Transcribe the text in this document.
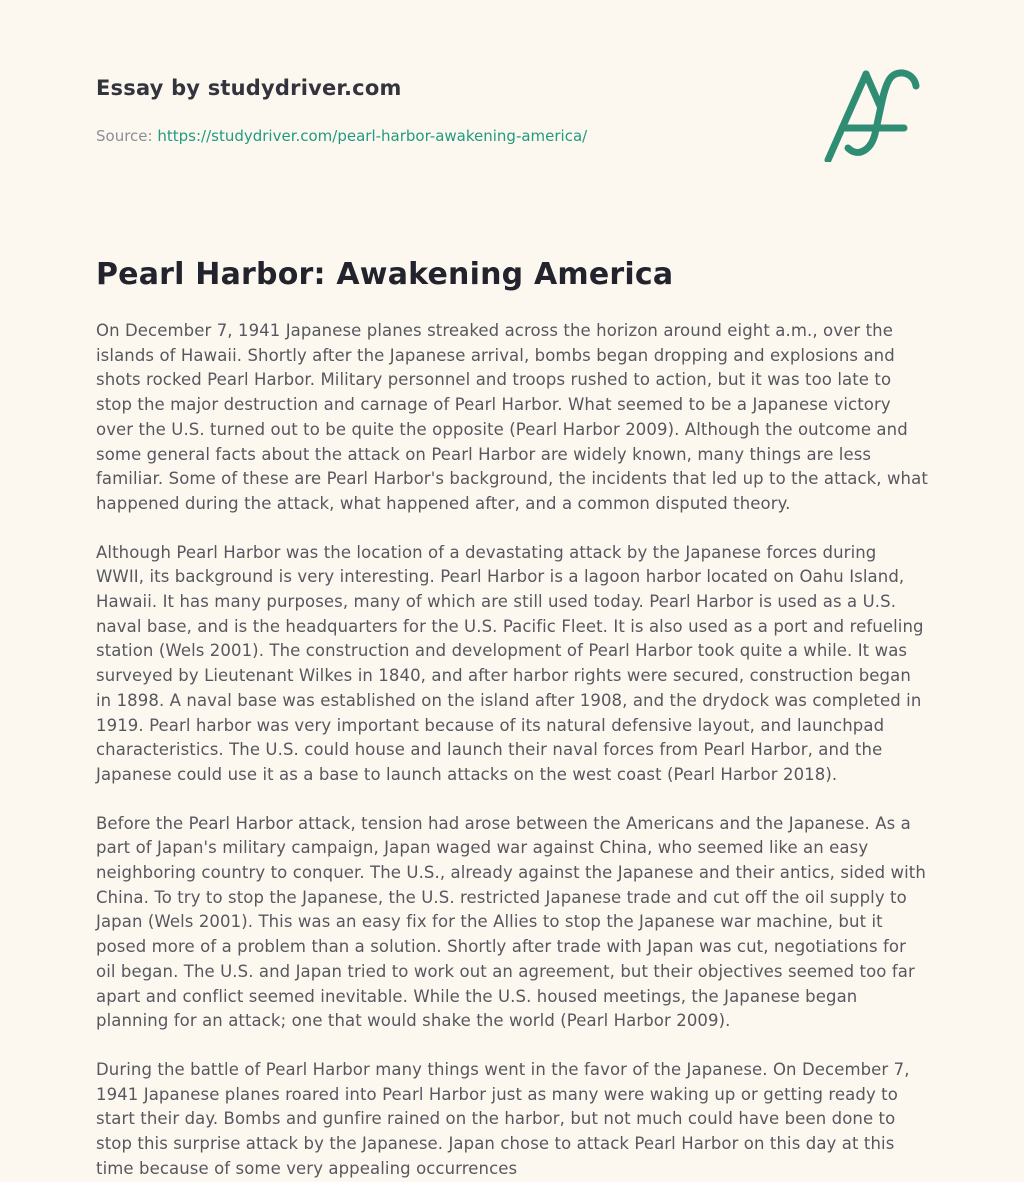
Essay by studydriver.com
Source: https://studydriver.com/pearl-harbor-awakening-america/
Pearl Harbor: Awakening America

On December 7, 1941 Japanese planes streaked across the horizon around eight a.m., over the islands of Hawaii. Shortly after the Japanese arrival, bombs began dropping and explosions and shots rocked Pearl Harbor. Military personnel and troops rushed to action, but it was too late to stop the major destruction and carnage of Pearl Harbor. What seemed to be a Japanese victory over the U.S. turned out to be quite the opposite (Pearl Harbor 2009). Although the outcome and some general facts about the attack on Pearl Harbor are widely known, many things are less familiar. Some of these are Pearl Harbor's background, the incidents that led up to the attack, what happened during the attack, what happened after, and a common disputed theory.

Although Pearl Harbor was the location of a devastating attack by the Japanese forces during WWII, its background is very interesting. Pearl Harbor is a lagoon harbor located on Oahu Island, Hawaii. It has many purposes, many of which are still used today. Pearl Harbor is used as a U.S. naval base, and is the headquarters for the U.S. Pacific Fleet. It is also used as a port and refueling station (Wels 2001). The construction and development of Pearl Harbor took quite a while. It was surveyed by Lieutenant Wilkes in 1840, and after harbor rights were secured, construction began in 1898. A naval base was established on the island after 1908, and the drydock was completed in 1919. Pearl harbor was very important because of its natural defensive layout, and launchpad characteristics. The U.S. could house and launch their naval forces from Pearl Harbor, and the Japanese could use it as a base to launch attacks on the west coast (Pearl Harbor 2018).

Before the Pearl Harbor attack, tension had arose between the Americans and the Japanese. As a part of Japan's military campaign, Japan waged war against China, who seemed like an easy neighboring country to conquer. The U.S., already against the Japanese and their antics, sided with China. To try to stop the Japanese, the U.S. restricted Japanese trade and cut off the oil supply to Japan (Wels 2001). This was an easy fix for the Allies to stop the Japanese war machine, but it posed more of a problem than a solution. Shortly after trade with Japan was cut, negotiations for oil began. The U.S. and Japan tried to work out an agreement, but their objectives seemed too far apart and conflict seemed inevitable. While the U.S. housed meetings, the Japanese began planning for an attack; one that would shake the world (Pearl Harbor 2009).

During the battle of Pearl Harbor many things went in the favor of the Japanese. On December 7, 1941 Japanese planes roared into Pearl Harbor just as many were waking up or getting ready to start their day. Bombs and gunfire rained on the harbor, but not much could have been done to stop this surprise attack by the Japanese. Japan chose to attack Pearl Harbor on this day at this time because of some very appealing occurrences
